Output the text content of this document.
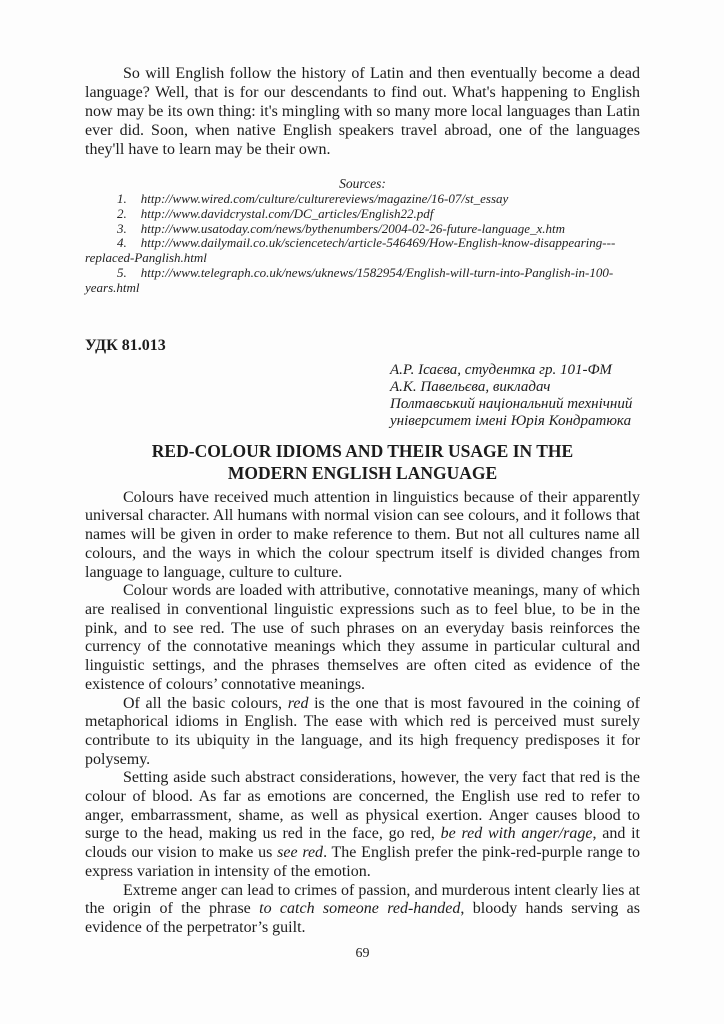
So will English follow the history of Latin and then eventually become a dead language? Well, that is for our descendants to find out. What's happening to English now may be its own thing: it's mingling with so many more local languages than Latin ever did. Soon, when native English speakers travel abroad, one of the languages they'll have to learn may be their own.

Sources:
1. http://www.wired.com/culture/culturereviews/magazine/16-07/st_essay
2. http://www.davidcrystal.com/DC_articles/English22.pdf
3. http://www.usatoday.com/news/bythenumbers/2004-02-26-future-language_x.htm
4. http://www.dailymail.co.uk/sciencetech/article-546469/How-English-know-disappearing---replaced-Panglish.html
5. http://www.telegraph.co.uk/news/uknews/1582954/English-will-turn-into-Panglish-in-100-years.html
УДК 81.013
А.Р. Ісаєва, студентка гр. 101-ФМ
А.К. Павельєва, викладач
Полтавський національний технічний
університет імені Юрія Кондратюка
RED-COLOUR IDIOMS AND THEIR USAGE IN THE MODERN ENGLISH LANGUAGE

Colours have received much attention in linguistics because of their apparently universal character. All humans with normal vision can see colours, and it follows that names will be given in order to make reference to them. But not all cultures name all colours, and the ways in which the colour spectrum itself is divided changes from language to language, culture to culture.

Colour words are loaded with attributive, connotative meanings, many of which are realised in conventional linguistic expressions such as to feel blue, to be in the pink, and to see red. The use of such phrases on an everyday basis reinforces the currency of the connotative meanings which they assume in particular cultural and linguistic settings, and the phrases themselves are often cited as evidence of the existence of colours’ connotative meanings.

Of all the basic colours, red is the one that is most favoured in the coining of metaphorical idioms in English. The ease with which red is perceived must surely contribute to its ubiquity in the language, and its high frequency predisposes it for polysemy.

Setting aside such abstract considerations, however, the very fact that red is the colour of blood. As far as emotions are concerned, the English use red to refer to anger, embarrassment, shame, as well as physical exertion. Anger causes blood to surge to the head, making us red in the face, go red, be red with anger/rage, and it clouds our vision to make us see red. The English prefer the pink-red-purple range to express variation in intensity of the emotion.

Extreme anger can lead to crimes of passion, and murderous intent clearly lies at the origin of the phrase to catch someone red-handed, bloody hands serving as evidence of the perpetrator’s guilt.

69
